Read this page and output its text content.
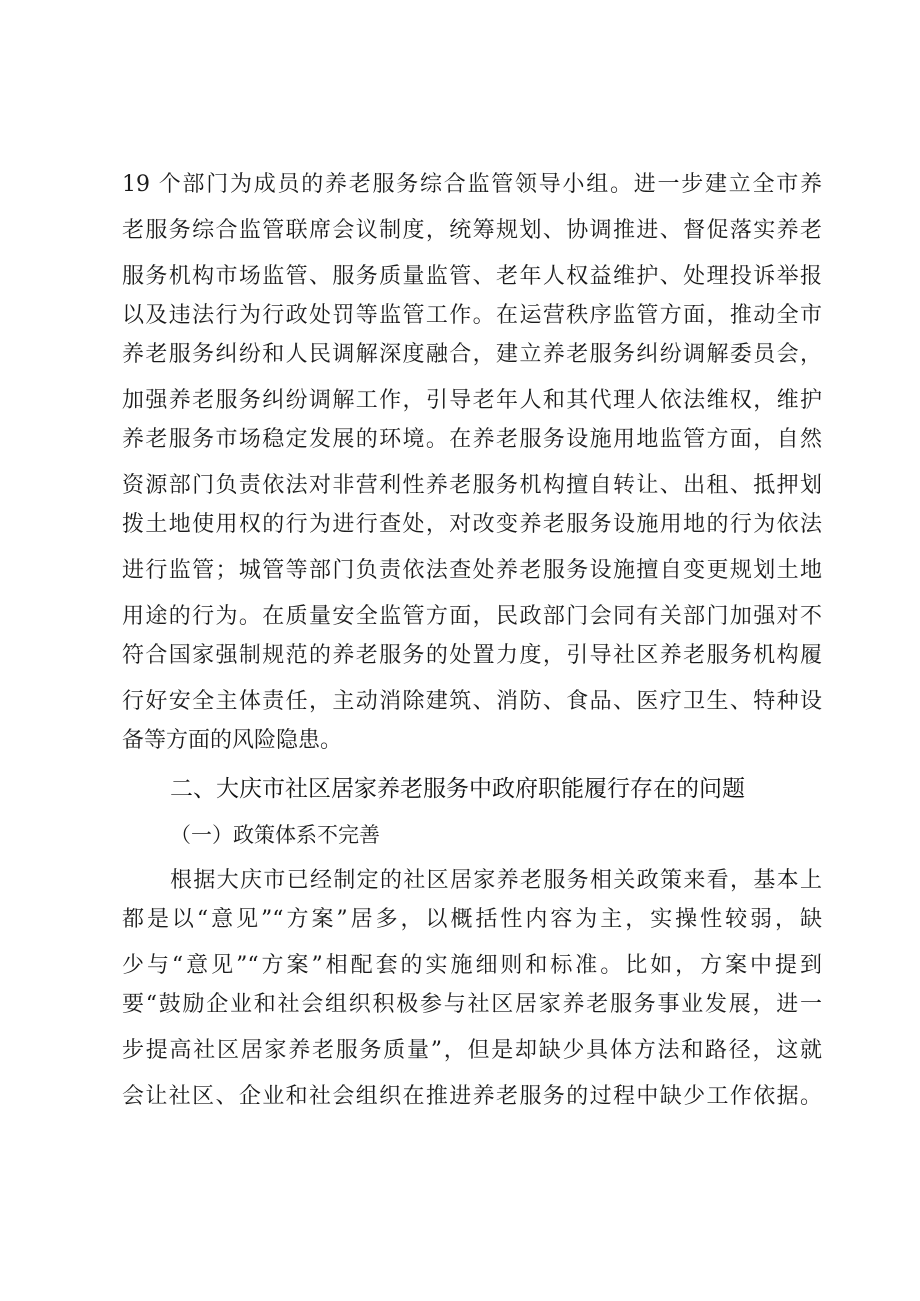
19 个部门为成员的养老服务综合监管领导小组。进一步建立全市养
老服务综合监管联席会议制度，统筹规划、协调推进、督促落实养老
服务机构市场监管、服务质量监管、老年人权益维护、处理投诉举报
以及违法行为行政处罚等监管工作。在运营秩序监管方面，推动全市
养老服务纠纷和人民调解深度融合，建立养老服务纠纷调解委员会，
加强养老服务纠纷调解工作，引导老年人和其代理人依法维权，维护
养老服务市场稳定发展的环境。在养老服务设施用地监管方面，自然
资源部门负责依法对非营利性养老服务机构擅自转让、出租、抵押划
拨土地使用权的行为进行查处，对改变养老服务设施用地的行为依法
进行监管；城管等部门负责依法查处养老服务设施擅自变更规划土地
用途的行为。在质量安全监管方面，民政部门会同有关部门加强对不
符合国家强制规范的养老服务的处置力度，引导社区养老服务机构履
行好安全主体责任，主动消除建筑、消防、食品、医疗卫生、特种设
备等方面的风险隐患。
二、大庆市社区居家养老服务中政府职能履行存在的问题
（一）政策体系不完善
根据大庆市已经制定的社区居家养老服务相关政策来看，基本上
都是以“意见”“方案”居多，以概括性内容为主，实操性较弱，缺
少与“意见”“方案”相配套的实施细则和标准。比如，方案中提到
要“鼓励企业和社会组织积极参与社区居家养老服务事业发展，进一
步提高社区居家养老服务质量”，但是却缺少具体方法和路径，这就
会让社区、企业和社会组织在推进养老服务的过程中缺少工作依据。
